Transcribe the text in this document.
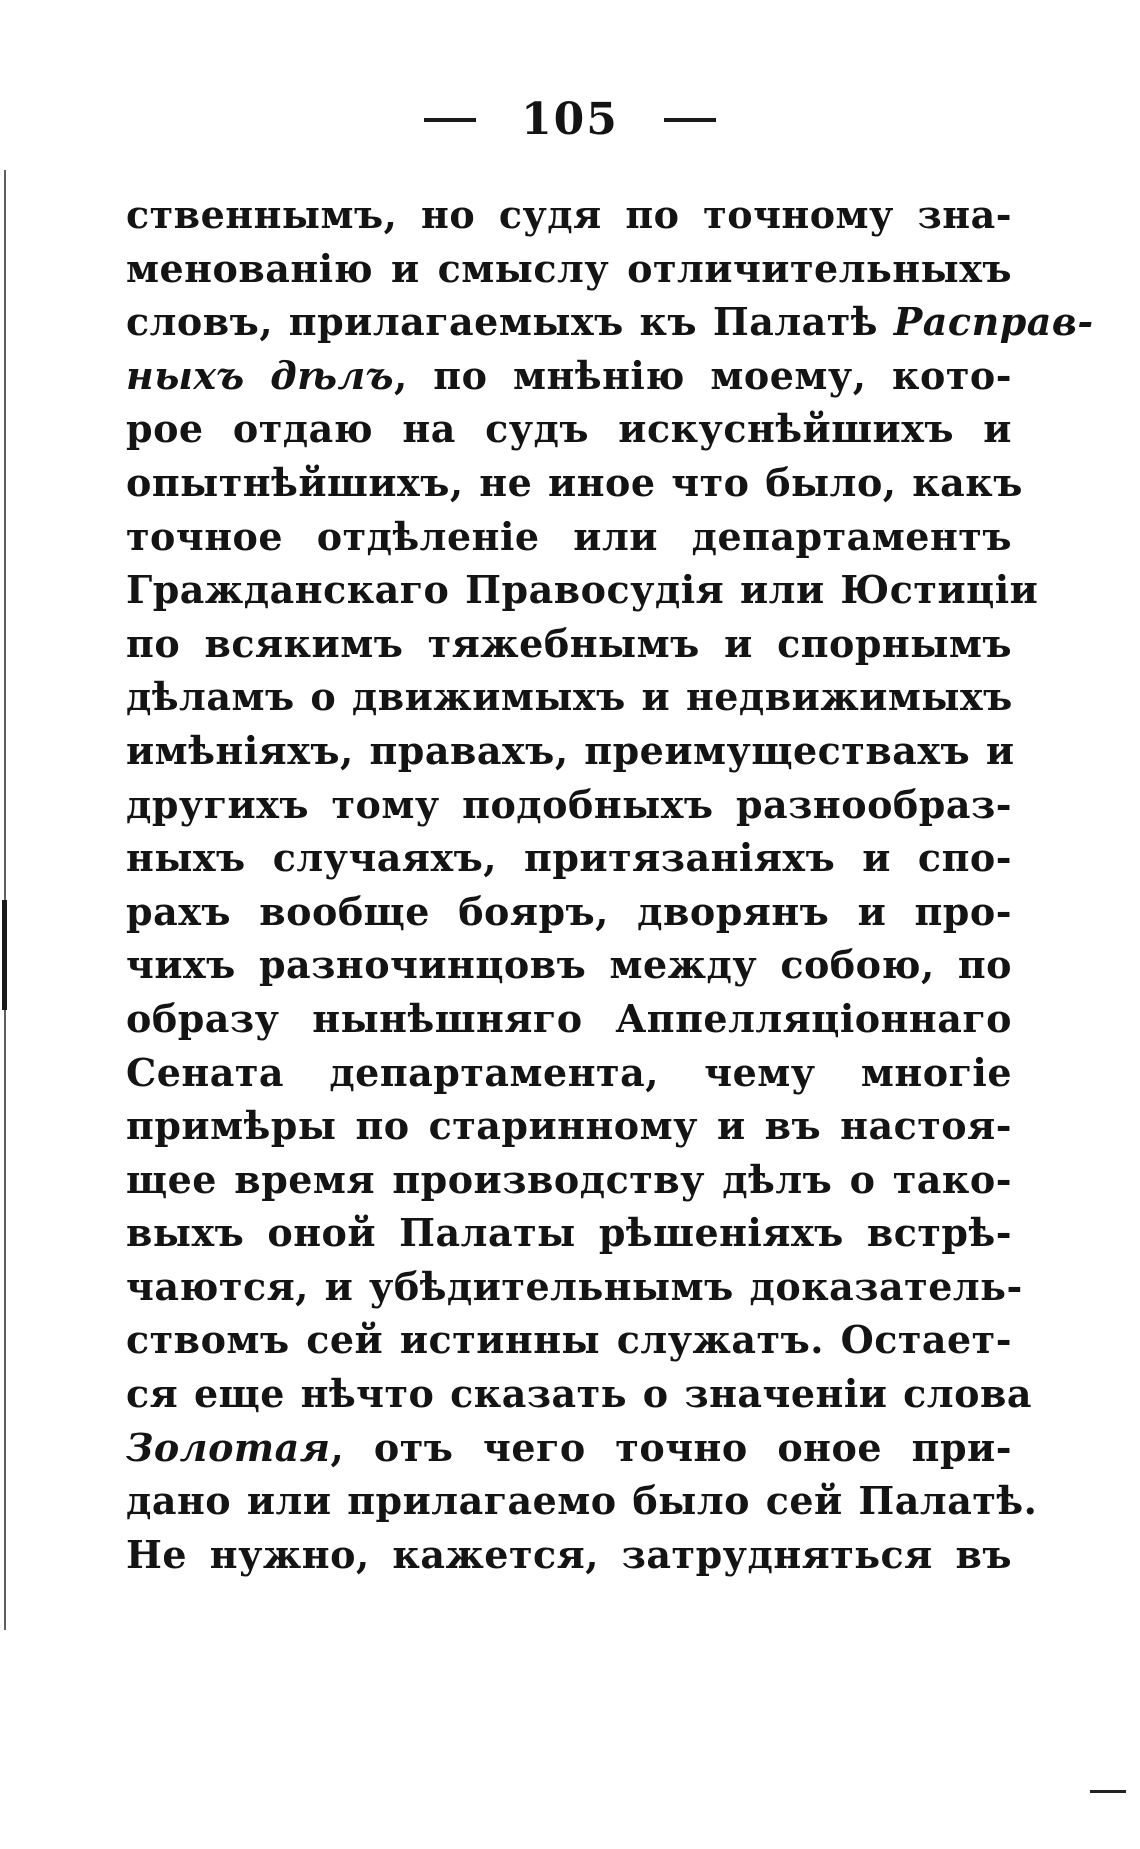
105
ственнымъ, но судя по точному зна-
менованію и смыслу отличительныхъ
словъ, прилагаемыхъ къ Палатѣ Расправ-
ныхъ дѣлъ, по мнѣнію моему, кото-
рое отдаю на судъ искуснѣйшихъ и
опытнѣйшихъ, не иное что было, какъ
точное отдѣленіе или департаментъ
Гражданскаго Правосудія или Юстиціи
по всякимъ тяжебнымъ и спорнымъ
дѣламъ о движимыхъ и недвижимыхъ
имѣніяхъ, правахъ, преимуществахъ и
другихъ тому подобныхъ разнообраз-
ныхъ случаяхъ, притязаніяхъ и спо-
рахъ вообще бояръ, дворянъ и про-
чихъ разночинцовъ между собою, по
образу нынѣшняго Аппелляціоннаго
Сената департамента, чему многіе
примѣры по старинному и въ настоя-
щее время производству дѣлъ о тако-
выхъ оной Палаты рѣшеніяхъ встрѣ-
чаются, и убѣдительнымъ доказатель-
ствомъ сей истинны служатъ. Остает-
ся еще нѣчто сказать о значеніи слова
Золотая, отъ чего точно оное при-
дано или прилагаемо было сей Палатѣ.
Не нужно, кажется, затрудняться въ
